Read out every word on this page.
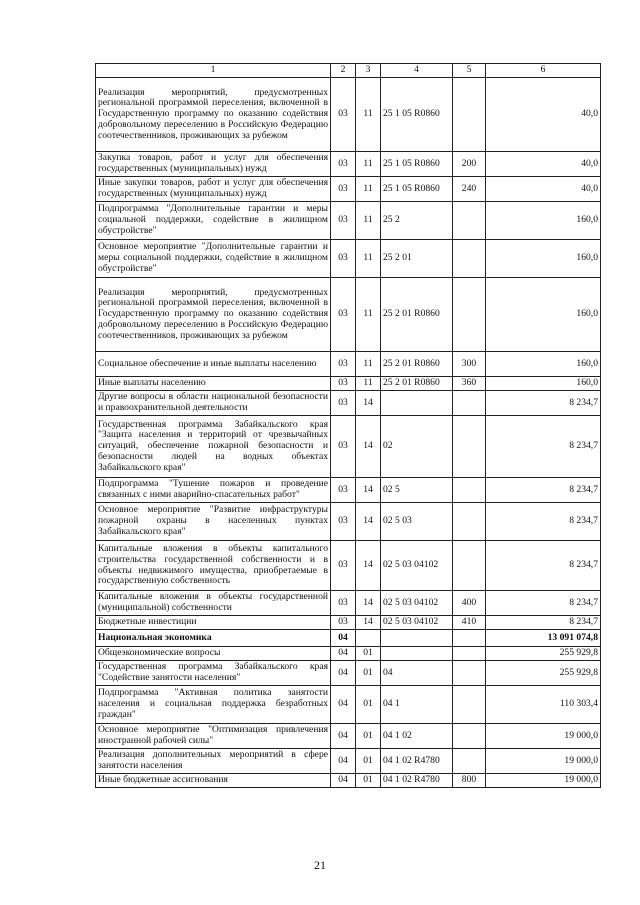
1	2	3	4	5	6
Реализация мероприятий, предусмотренных региональной программой переселения, включенной в Государственную программу по оказанию содействия добровольному переселению в Российскую Федерацию соотечественников, проживающих за рубежом	03	11	25 1 05 R0860		40,0
Закупка товаров, работ и услуг для обеспечения государственных (муниципальных) нужд	03	11	25 1 05 R0860	200	40,0
Иные закупки товаров, работ и услуг для обеспечения государственных (муниципальных) нужд	03	11	25 1 05 R0860	240	40,0
Подпрограмма "Дополнительные гарантии и меры социальной поддержки, содействие в жилищном обустройстве"	03	11	25 2		160,0
Основное мероприятие "Дополнительные гарантии и меры социальной поддержки, содействие в жилищном обустройстве"	03	11	25 2 01		160,0
Реализация мероприятий, предусмотренных региональной программой переселения, включенной в Государственную программу по оказанию содействия добровольному переселению в Российскую Федерацию соотечественников, проживающих за рубежом	03	11	25 2 01 R0860		160,0
Социальное обеспечение и иные выплаты населению	03	11	25 2 01 R0860	300	160,0
Иные выплаты населению	03	11	25 2 01 R0860	360	160,0
Другие вопросы в области национальной безопасности и правоохранительной деятельности	03	14			8 234,7
Государственная программа Забайкальского края "Защита населения и территорий от чрезвычайных ситуаций, обеспечение пожарной безопасности и безопасности людей на водных объектах Забайкальского края"	03	14	02		8 234,7
Подпрограмма "Тушение пожаров и проведение связанных с ними аварийно-спасательных работ"	03	14	02 5		8 234,7
Основное мероприятие "Развитие инфраструктуры пожарной охраны в населенных пунктах Забайкальского края"	03	14	02 5 03		8 234,7
Капитальные вложения в объекты капитального строительства государственной собственности и в объекты недвижимого имущества, приобретаемые в государственную собственность	03	14	02 5 03 04102		8 234,7
Капитальные вложения в объекты государственной (муниципальной) собственности	03	14	02 5 03 04102	400	8 234,7
Бюджетные инвестиции	03	14	02 5 03 04102	410	8 234,7
Национальная экономика	04				13 091 074,8
Общеэкономические вопросы	04	01			255 929,8
Государственная программа Забайкальского края "Содействие занятости населения"	04	01	04		255 929,8
Подпрограмма "Активная политика занятости населения и социальная поддержка безработных граждан"	04	01	04 1		110 303,4
Основное мероприятие "Оптимизация привлечения иностранной рабочей силы"	04	01	04 1 02		19 000,0
Реализация дополнительных мероприятий в сфере занятости населения	04	01	04 1 02 R4780		19 000,0
Иные бюджетные ассигнования	04	01	04 1 02 R4780	800	19 000,0
21
